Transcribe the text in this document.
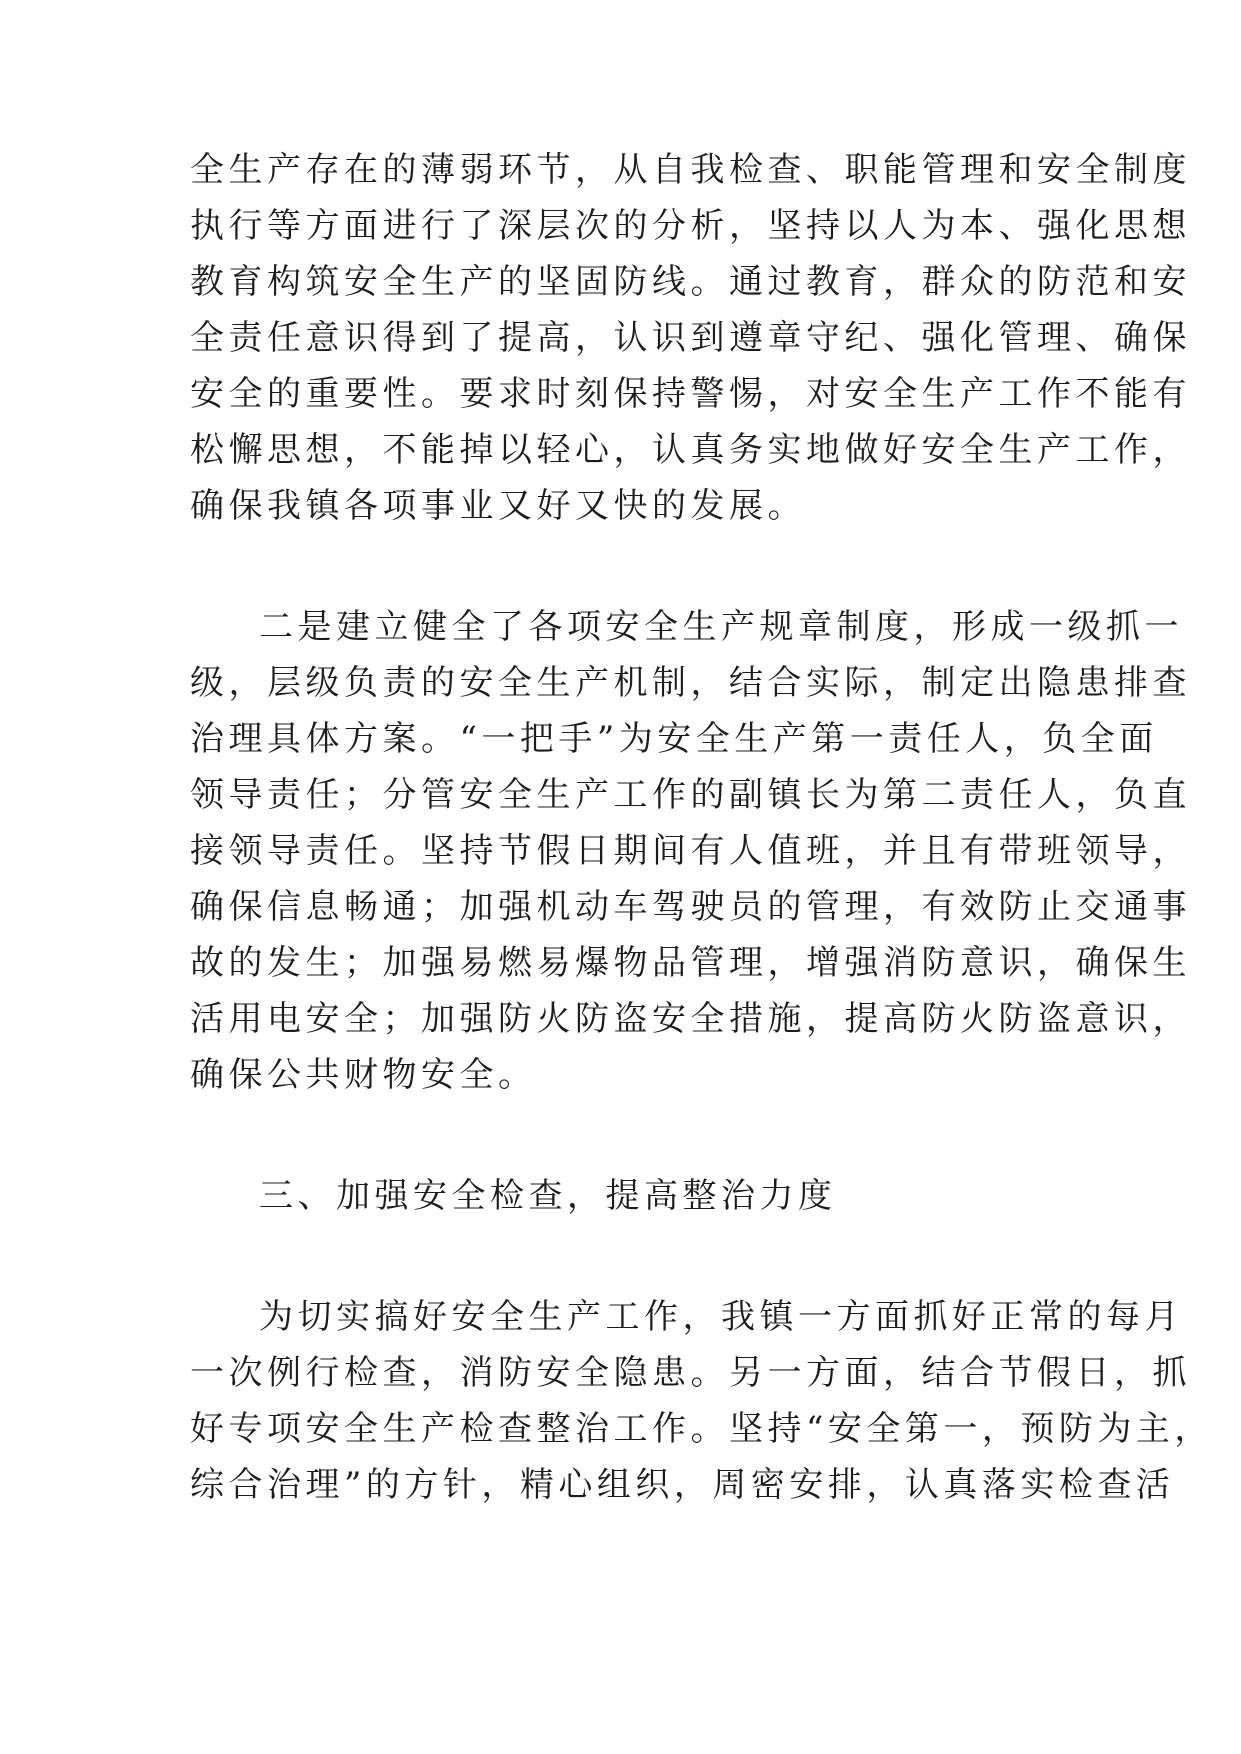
全生产存在的薄弱环节，从自我检查、职能管理和安全制度
执行等方面进行了深层次的分析，坚持以人为本、强化思想
教育构筑安全生产的坚固防线。通过教育，群众的防范和安
全责任意识得到了提高，认识到遵章守纪、强化管理、确保
安全的重要性。要求时刻保持警惕，对安全生产工作不能有
松懈思想，不能掉以轻心，认真务实地做好安全生产工作，
确保我镇各项事业又好又快的发展。
二是建立健全了各项安全生产规章制度，形成一级抓一
级，层级负责的安全生产机制，结合实际，制定出隐患排查
治理具体方案。“一把手”为安全生产第一责任人，负全面
领导责任；分管安全生产工作的副镇长为第二责任人，负直
接领导责任。坚持节假日期间有人值班，并且有带班领导，
确保信息畅通；加强机动车驾驶员的管理，有效防止交通事
故的发生；加强易燃易爆物品管理，增强消防意识，确保生
活用电安全；加强防火防盗安全措施，提高防火防盗意识，
确保公共财物安全。
三、加强安全检查，提高整治力度
为切实搞好安全生产工作，我镇一方面抓好正常的每月
一次例行检查，消防安全隐患。另一方面，结合节假日，抓
好专项安全生产检查整治工作。坚持“安全第一，预防为主，
综合治理”的方针，精心组织，周密安排，认真落实检查活
